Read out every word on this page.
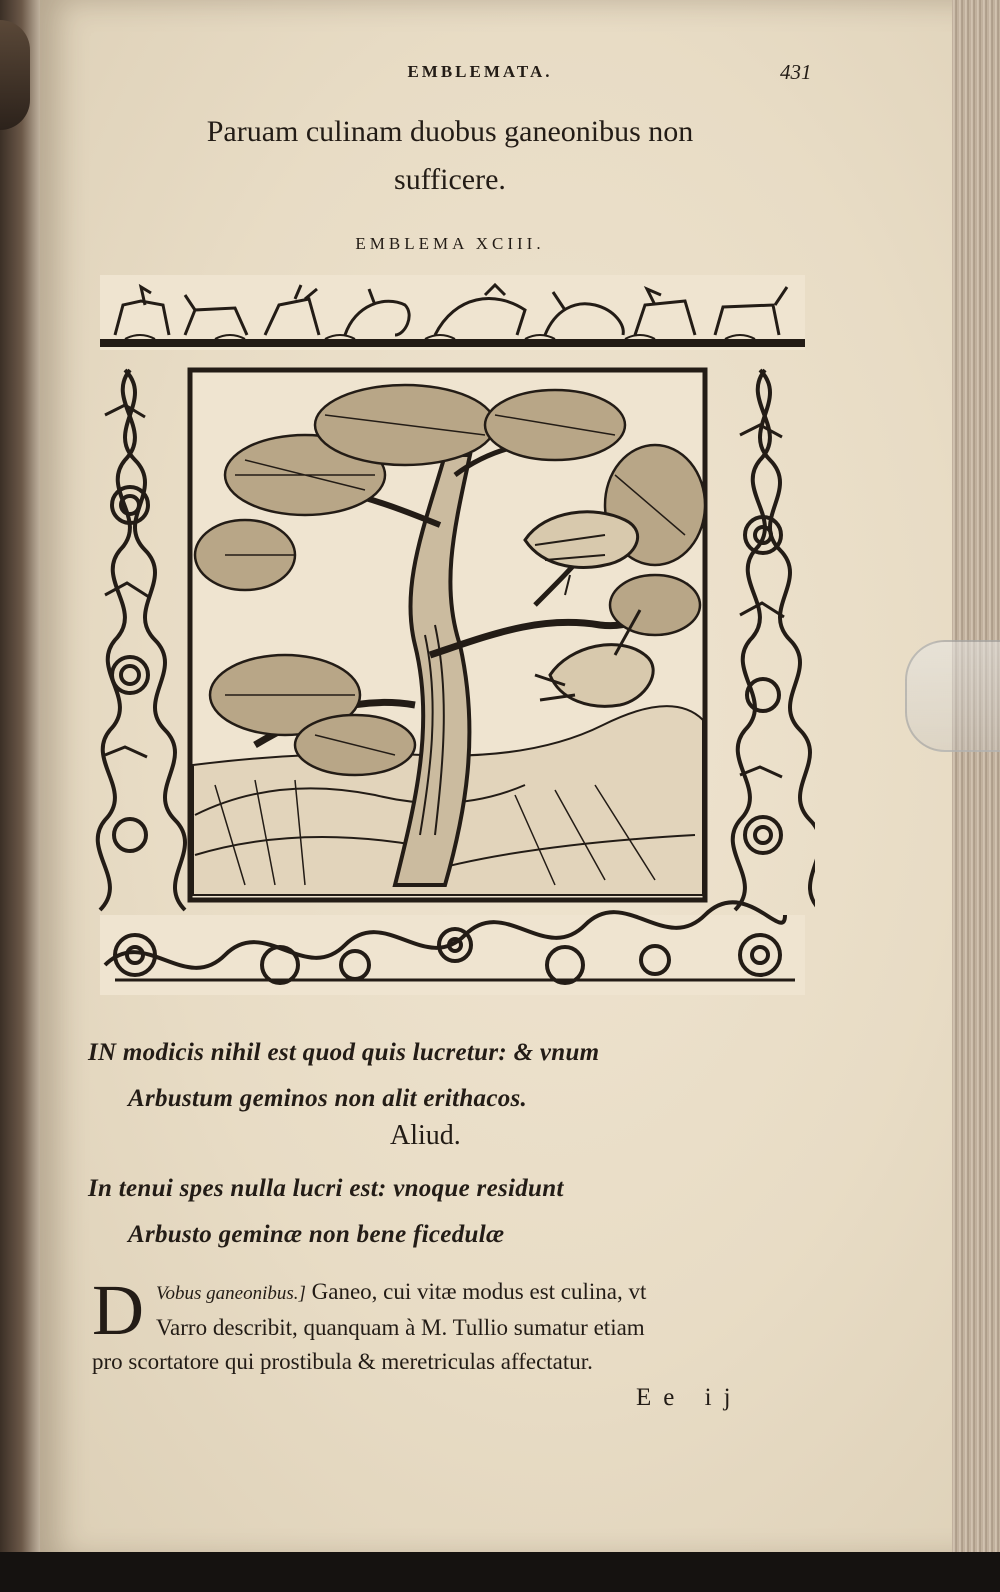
EMBLEMATA.	431
Paruam culinam duobus ganeonibus non
sufficere.
EMBLEMA XCIII.
IN modicis nihil est quod quis lucretur: & vnum
Arbustum geminos non alit erithacos.
Aliud.
In tenui spes nulla lucri est: vnoque residunt
Arbusto geminæ non bene ficedulæ
D Vobus ganeonibus.] Ganeo, cui vitæ modus est culina, vt
Varro describit, quanquam à M. Tullio sumatur etiam
pro scortatore qui prostibula & meretriculas affectatur.
Ee ij
